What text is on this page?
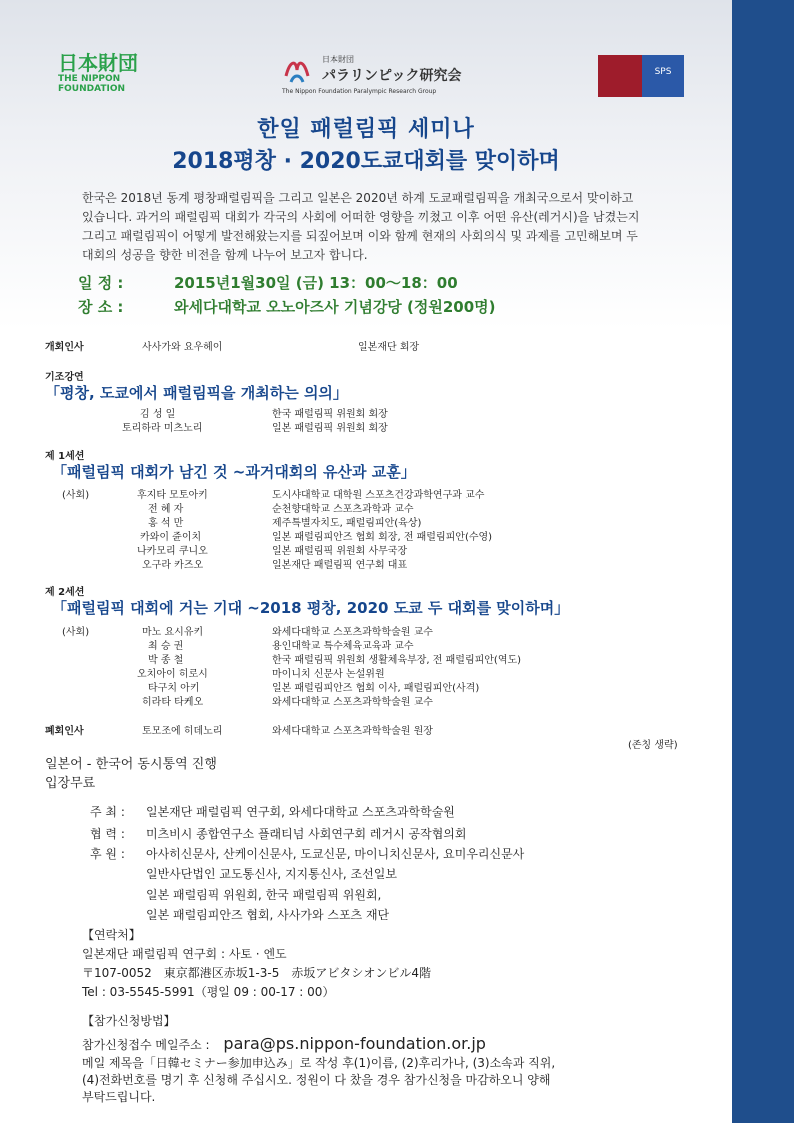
日本財団
THE NIPPON
FOUNDATION
日本財団
パラリンピック研究会
The Nippon Foundation Paralympic Research Group
SPS
한일 패럴림픽 세미나
2018평창 · 2020도쿄대회를 맞이하며
한국은 2018년 동계 평창패럴림픽을 그리고 일본은 2020년 하계 도쿄패럴림픽을 개최국으로서 맞이하고 있습니다. 과거의 패럴림픽 대회가 각국의 사회에 어떠한 영향을 끼쳤고 이후 어떤 유산(레거시)을 남겼는지 그리고 패럴림픽이 어떻게 발전해왔는지를 되짚어보며 이와 함께 현재의 사회의식 및 과제를 고민해보며 두 대회의 성공을 향한 비전을 함께 나누어 보고자 합니다.
일 정 :	2015년1월30일 (금) 13：00～18：00
장 소 :	와세다대학교 오노아즈사 기념강당 (정원200명)
개회인사	사사가와 요우헤이	일본재단 회장
기조강연
「평창, 도쿄에서 패럴림픽을 개최하는 의의」
김 성 일	한국 패럴림픽 위원회 회장
토리하라 미츠노리	일본 패럴림픽 위원회 회장
제 1세션
「패럴림픽 대회가 남긴 것 ~과거대회의 유산과 교훈」
(사회)	후지타 모토아키	도시샤대학교 대학원 스포츠건강과학연구과 교수
전 혜 자	순천향대학교 스포츠과학과 교수
홍 석 만	제주특별자치도, 패럴림피안(육상)
카와이 쥰이치	일본 패럴림피안즈 협회 회장, 전 패럴림피안(수영)
나카모리 쿠니오	일본 패럴림픽 위원회 사무국장
오구라 카즈오	일본재단 패럴림픽 연구회 대표
제 2세션
「패럴림픽 대회에 거는 기대 ~2018 평창, 2020 도쿄 두 대회를 맞이하며」
(사회)	마노 요시유키	와세다대학교 스포츠과학학술원 교수
최 승 권	용인대학교 특수체육교육과 교수
박 종 철	한국 패럴림픽 위원회 생활체육부장, 전 패럴림피안(역도)
오치아이 히로시	마이니치 신문사 논설위원
타구치 아키	일본 패럴림피안즈 협회 이사, 패럴림피안(사격)
히라타 타케오	와세다대학교 스포츠과학학술원 교수
폐회인사	토모조에 히데노리	와세다대학교 스포츠과학학술원 원장
(존칭 생략)
일본어 - 한국어 동시통역 진행
입장무료
주 최 : 일본재단 패럴림픽 연구회, 와세다대학교 스포츠과학학술원
협 력 : 미츠비시 종합연구소 플래티넘 사회연구회 레거시 공작협의회
후 원 : 아사히신문사, 산케이신문사, 도쿄신문, 마이니치신문사, 요미우리신문사
일반사단법인 교도통신사, 지지통신사, 조선일보
일본 패럴림픽 위원회, 한국 패럴림픽 위원회,
일본 패럴림피안즈 협회, 사사가와 스포츠 재단
【연락처】
일본재단 패럴림픽 연구회 : 사토 · 엔도
〒107-0052　東京都港区赤坂1-3-5　赤坂アビタシオンビル4階
Tel : 03-5545-5991（평일 09 : 00-17 : 00）
【참가신청방법】
참가신청접수 메일주소 : para@ps.nippon-foundation.or.jp
메일 제목을「日韓セミナー参加申込み」로 작성 후(1)이름, (2)후리가나, (3)소속과 직위,
(4)전화번호를 명기 후 신청해 주십시오. 정원이 다 찼을 경우 참가신청을 마감하오니 양해
부탁드립니다.
